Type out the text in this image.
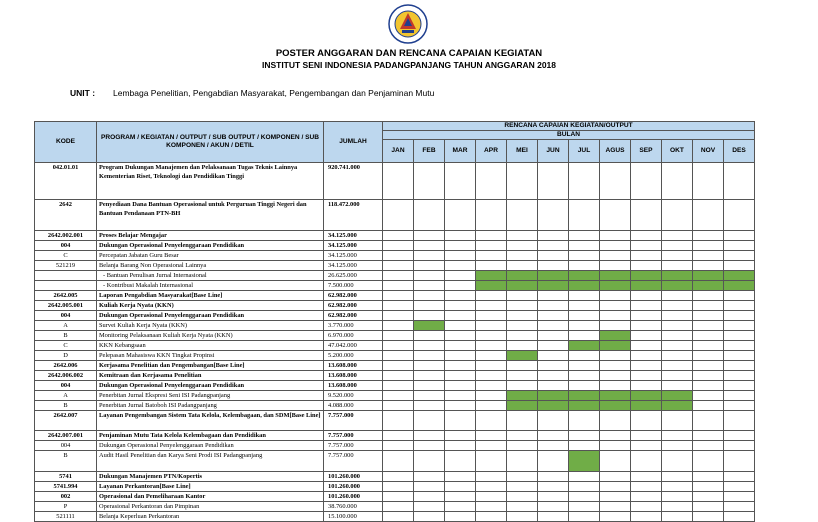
POSTER ANGGARAN DAN RENCANA CAPAIAN KEGIATAN
INSTITUT SENI INDONESIA PADANGPANJANG TAHUN ANGGARAN 2018
UNIT : Lembaga Penelitian, Pengabdian Masyarakat, Pengembangan dan Penjaminan Mutu
KODE	PROGRAM / KEGIATAN / OUTPUT / SUB OUTPUT / KOMPONEN / SUB KOMPONEN / AKUN / DETIL	JUMLAH	RENCANA CAPAIAN KEGIATAN/OUTPUT											
			BULAN											
			JAN	FEB	MAR	APR	MEI	JUN	JUL	AGUS	SEP	OKT	NOV	DES
042.01.01	Program Dukungan Manajemen dan Pelaksanaan Tugas Teknis Lainnya Kementerian Riset, Teknologi dan Pendidikan Tinggi	920.741.000												
2642	Penyediaan Dana Bantuan Operasional untuk Perguruan Tinggi Negeri dan Bantuan Pendanaan PTN-BH	118.472.000												
2642.002.001	Proses Belajar Mengajar	34.125.000												
004	Dukungan Operasional Penyelenggaraan Pendidikan	34.125.000												
C	Percepatan Jabatan Guru Besar	34.125.000												
521219	Belanja Barang Non Operasional Lainnya	34.125.000												
	- Bantuan Penulisan Jurnal Internasional	26.625.000												
	- Kontribusi Makalah Internasional	7.500.000												
2642.005	Laporan Pengabdian Masyarakat[Base Line]	62.982.000												
2642.005.001	Kuliah Kerja Nyata (KKN)	62.982.000												
004	Dukungan Operasional Penyelenggaraan Pendidikan	62.982.000												
A	Survei Kuliah Kerja Nyata (KKN)	3.770.000												
B	Monitoring Pelaksanaan Kuliah Kerja Nyata (KKN)	6.970.000												
C	KKN Kebangsaan	47.042.000												
D	Pelepasan Mahasiswa KKN Tingkat Propinsi	5.200.000												
2642.006	Kerjasama Penelitian dan Pengembangan[Base Line]	13.608.000												
2642.006.002	Kemitraan dan Kerjasama Penelitian	13.608.000												
004	Dukungan Operasional Penyelenggaraan Pendidikan	13.608.000												
A	Penerbitan Jurnal Ekspresi Seni ISI Padangpanjang	9.520.000												
B	Penerbitan Jurnal Batoboh ISI Padangpanjang	4.088.000												
2642.007	Layanan Pengembangan Sistem Tata Kelola, Kelembagaan, dan SDM[Base Line]	7.757.000												
2642.007.001	Penjaminan Mutu Tata Kelola Kelembagaan dan Pendidikan	7.757.000												
004	Dukungan Operasional Penyelenggaraan Pendidikan	7.757.000												
B	Audit Hasil Penelitian dan Karya Seni Prodi ISI Padangpanjang	7.757.000												
5741	Dukungan Manajemen PTN/Kopertis	101.260.000												
5741.994	Layanan Perkantoran[Base Line]	101.260.000												
002	Operasional dan Pemeliharaan Kantor	101.260.000												
P	Operasional Perkantoran dan Pimpinan	38.760.000												
521111	Belanja Keperluan Perkantoran	15.100.000												
